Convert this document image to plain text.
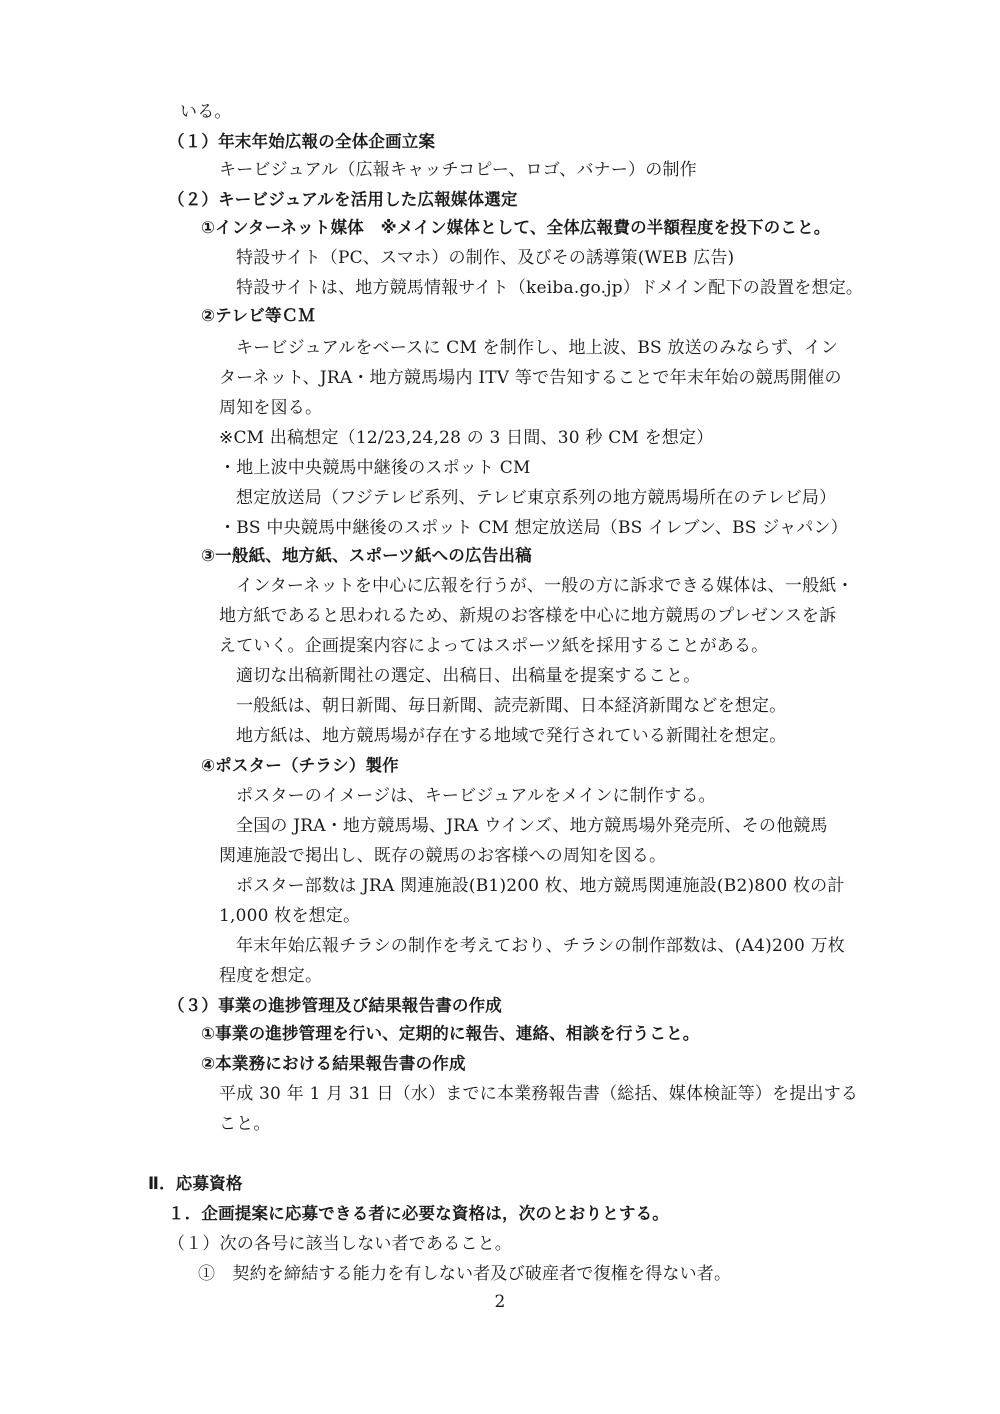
いる。
（１）年末年始広報の全体企画立案
キービジュアル（広報キャッチコピー、ロゴ、バナー）の制作
（２）キービジュアルを活用した広報媒体選定
①インターネット媒体　※メイン媒体として、全体広報費の半額程度を投下のこと。
特設サイト（PC、スマホ）の制作、及びその誘導策(WEB 広告)
特設サイトは、地方競馬情報サイト（keiba.go.jp）ドメイン配下の設置を想定。
②テレビ等ＣＭ
キービジュアルをベースに CM を制作し、地上波、BS 放送のみならず、イン
ターネット、JRA・地方競馬場内 ITV 等で告知することで年末年始の競馬開催の
周知を図る。
※CM 出稿想定（12/23,24,28 の 3 日間、30 秒 CM を想定）
・地上波中央競馬中継後のスポット CM
想定放送局（フジテレビ系列、テレビ東京系列の地方競馬場所在のテレビ局）
・BS 中央競馬中継後のスポット CM 想定放送局（BS イレブン、BS ジャパン）
③一般紙、地方紙、スポーツ紙への広告出稿
インターネットを中心に広報を行うが、一般の方に訴求できる媒体は、一般紙・
地方紙であると思われるため、新規のお客様を中心に地方競馬のプレゼンスを訴
えていく。企画提案内容によってはスポーツ紙を採用することがある。
適切な出稿新聞社の選定、出稿日、出稿量を提案すること。
一般紙は、朝日新聞、毎日新聞、読売新聞、日本経済新聞などを想定。
地方紙は、地方競馬場が存在する地域で発行されている新聞社を想定。
④ポスター（チラシ）製作
ポスターのイメージは、キービジュアルをメインに制作する。
全国の JRA・地方競馬場、JRA ウインズ、地方競馬場外発売所、その他競馬
関連施設で掲出し、既存の競馬のお客様への周知を図る。
ポスター部数は JRA 関連施設(B1)200 枚、地方競馬関連施設(B2)800 枚の計
1,000 枚を想定。
年末年始広報チラシの制作を考えており、チラシの制作部数は、(A4)200 万枚
程度を想定。
（３）事業の進捗管理及び結果報告書の作成
①事業の進捗管理を行い、定期的に報告、連絡、相談を行うこと。
②本業務における結果報告書の作成
平成 30 年 1 月 31 日（水）までに本業務報告書（総括、媒体検証等）を提出する
こと。
Ⅱ．応募資格
１．企画提案に応募できる者に必要な資格は，次のとおりとする。
（１）次の各号に該当しない者であること。
①　契約を締結する能力を有しない者及び破産者で復権を得ない者。
2
